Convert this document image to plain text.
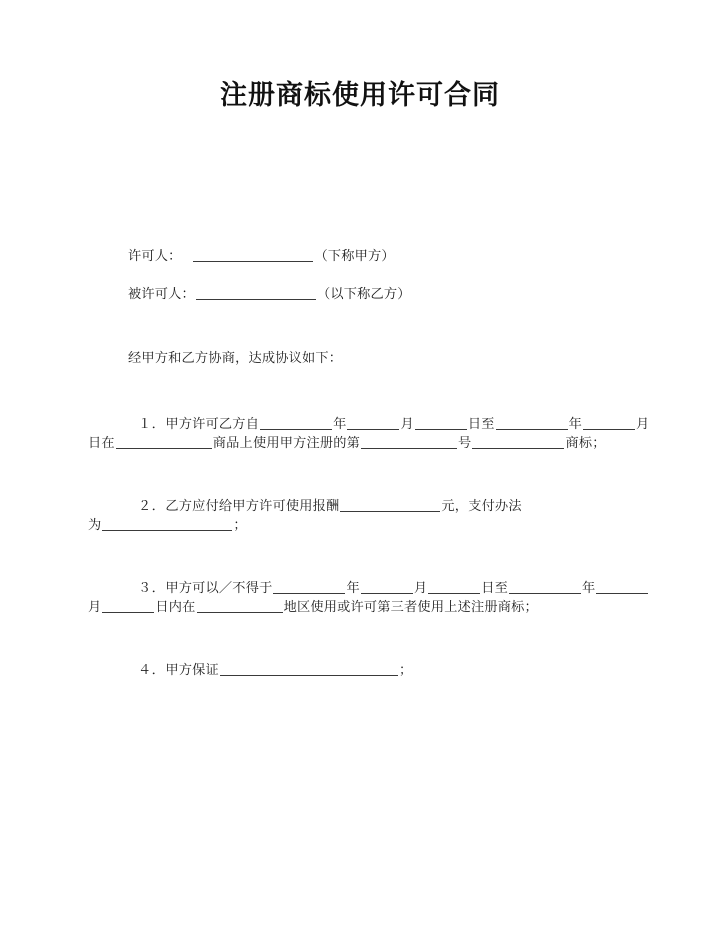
注册商标使用许可合同
许可人：	（下称甲方）
被许可人：	（以下称乙方）
经甲方和乙方协商，达成协议如下：
１．甲方许可乙方自	年	月	日至	年	月
日在	商品上使用甲方注册的第	号	商标；
２．乙方应付给甲方许可使用报酬	元，支付办法
为	；
３．甲方可以／不得于	年	月	日至	年
月	日内在	地区使用或许可第三者使用上述注册商标；
４．甲方保证	；
